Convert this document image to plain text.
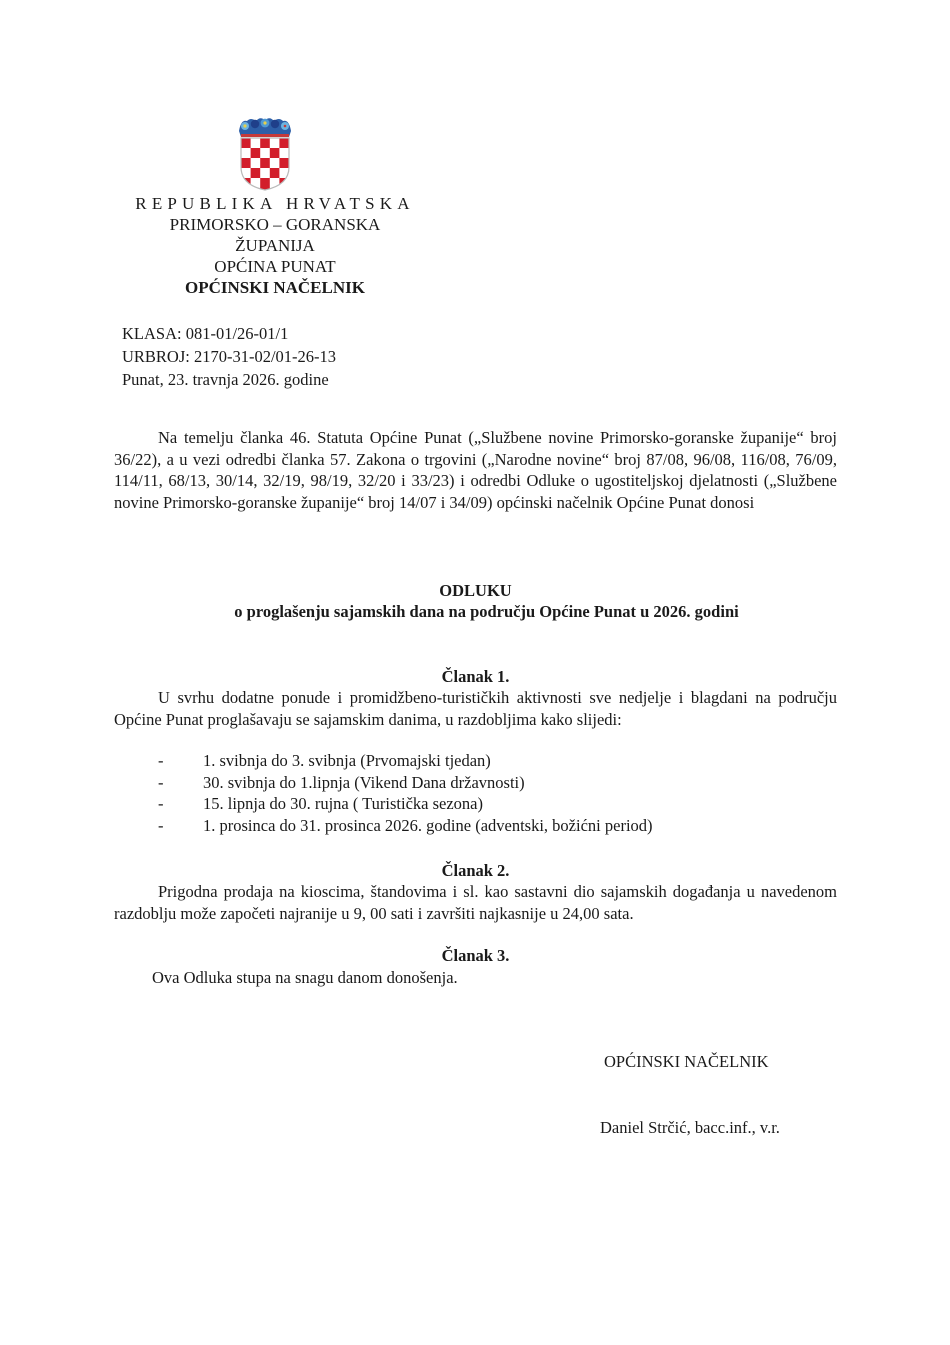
REPUBLIKA HRVATSKA
PRIMORSKO – GORANSKA
ŽUPANIJA
OPĆINA PUNAT
OPĆINSKI NAČELNIK
KLASA: 081-01/26-01/1
URBROJ: 2170-31-02/01-26-13
Punat, 23. travnja 2026. godine
Na temelju članka 46. Statuta Općine Punat („Službene novine Primorsko-goranske županije“ broj 36/22), a u vezi odredbi članka 57. Zakona o trgovini („Narodne novine“ broj 87/08, 96/08, 116/08, 76/09, 114/11, 68/13, 30/14, 32/19, 98/19, 32/20 i 33/23) i odredbi Odluke o ugostiteljskoj djelatnosti („Službene novine Primorsko-goranske županije“ broj 14/07 i 34/09) općinski načelnik Općine Punat donosi
ODLUKU
o proglašenju sajamskih dana na području Općine Punat u 2026. godini
Članak 1.
U svrhu dodatne ponude i promidžbeno-turističkih aktivnosti sve nedjelje i blagdani na području Općine Punat proglašavaju se sajamskim danima, u razdobljima kako slijedi:
-	1. svibnja do 3. svibnja (Prvomajski tjedan)
-	30. svibnja do 1.lipnja (Vikend Dana državnosti)
-	15. lipnja do 30. rujna ( Turistička sezona)
-	1. prosinca do 31. prosinca 2026. godine (adventski, božićni period)
Članak 2.
Prigodna prodaja na kioscima, štandovima i sl. kao sastavni dio sajamskih događanja u navedenom razdoblju može započeti najranije u 9, 00 sati i završiti najkasnije u 24,00 sata.
Članak 3.
Ova Odluka stupa na snagu danom donošenja.
OPĆINSKI NAČELNIK
Daniel Strčić, bacc.inf., v.r.
